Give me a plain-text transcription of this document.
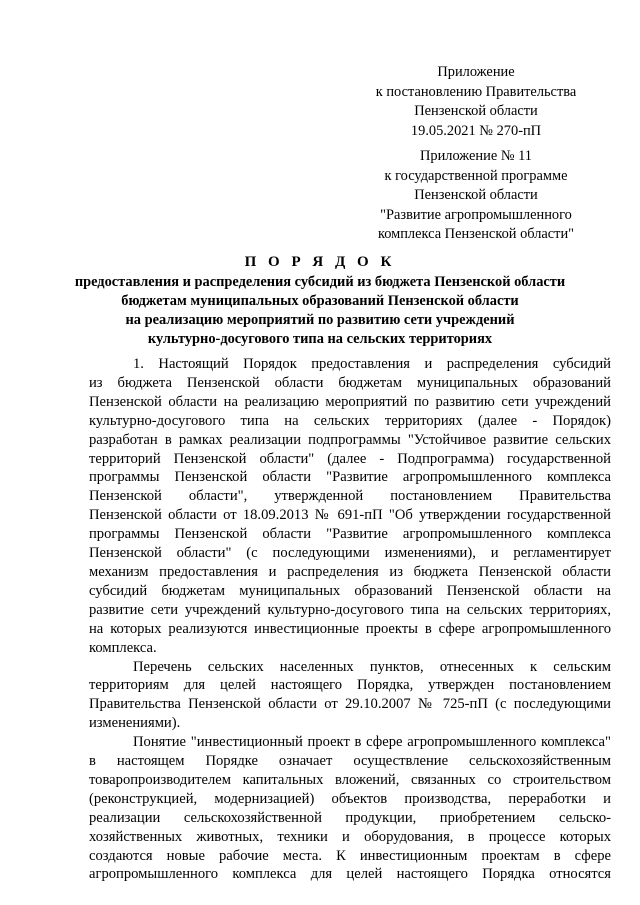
Приложение
к постановлению Правительства
Пензенской области
19.05.2021 № 270-пП
Приложение № 11
к государственной программе
Пензенской области
"Развитие агропромышленного
комплекса Пензенской области"
П О Р Я Д О К
предоставления и распределения субсидий из бюджета Пензенской области
бюджетам муниципальных образований Пензенской области
на реализацию мероприятий по развитию сети учреждений
культурно-досугового типа на сельских территориях
1. Настоящий Порядок предоставления и распределения субсидий
из бюджета Пензенской области бюджетам муниципальных образований
Пензенской области на реализацию мероприятий по развитию сети учреждений
культурно-досугового типа на сельских территориях (далее - Порядок)
разработан в рамках реализации подпрограммы "Устойчивое развитие сельских
территорий Пензенской области" (далее - Подпрограмма) государственной
программы Пензенской области "Развитие агропромышленного комплекса
Пензенской области", утвержденной постановлением Правительства
Пензенской области от 18.09.2013 № 691-пП "Об утверждении государственной
программы Пензенской области "Развитие агропромышленного комплекса
Пензенской области" (с последующими изменениями), и регламентирует
механизм предоставления и распределения из бюджета Пензенской области
субсидий бюджетам муниципальных образований Пензенской области на
развитие сети учреждений культурно-досугового типа на сельских территориях,
на которых реализуются инвестиционные проекты в сфере агропромышленного
комплекса.
Перечень сельских населенных пунктов, отнесенных к сельским
территориям для целей настоящего Порядка, утвержден постановлением
Правительства Пензенской области от 29.10.2007 № 725-пП (с последующими
изменениями).
Понятие "инвестиционный проект в сфере агропромышленного комплекса"
в настоящем Порядке означает осуществление сельскохозяйственным
товаропроизводителем капитальных вложений, связанных со строительством
(реконструкцией, модернизацией) объектов производства, переработки и
реализации сельскохозяйственной продукции, приобретением сельско-
хозяйственных животных, техники и оборудования, в процессе которых
создаются новые рабочие места. К инвестиционным проектам в сфере
агропромышленного комплекса для целей настоящего Порядка относятся
